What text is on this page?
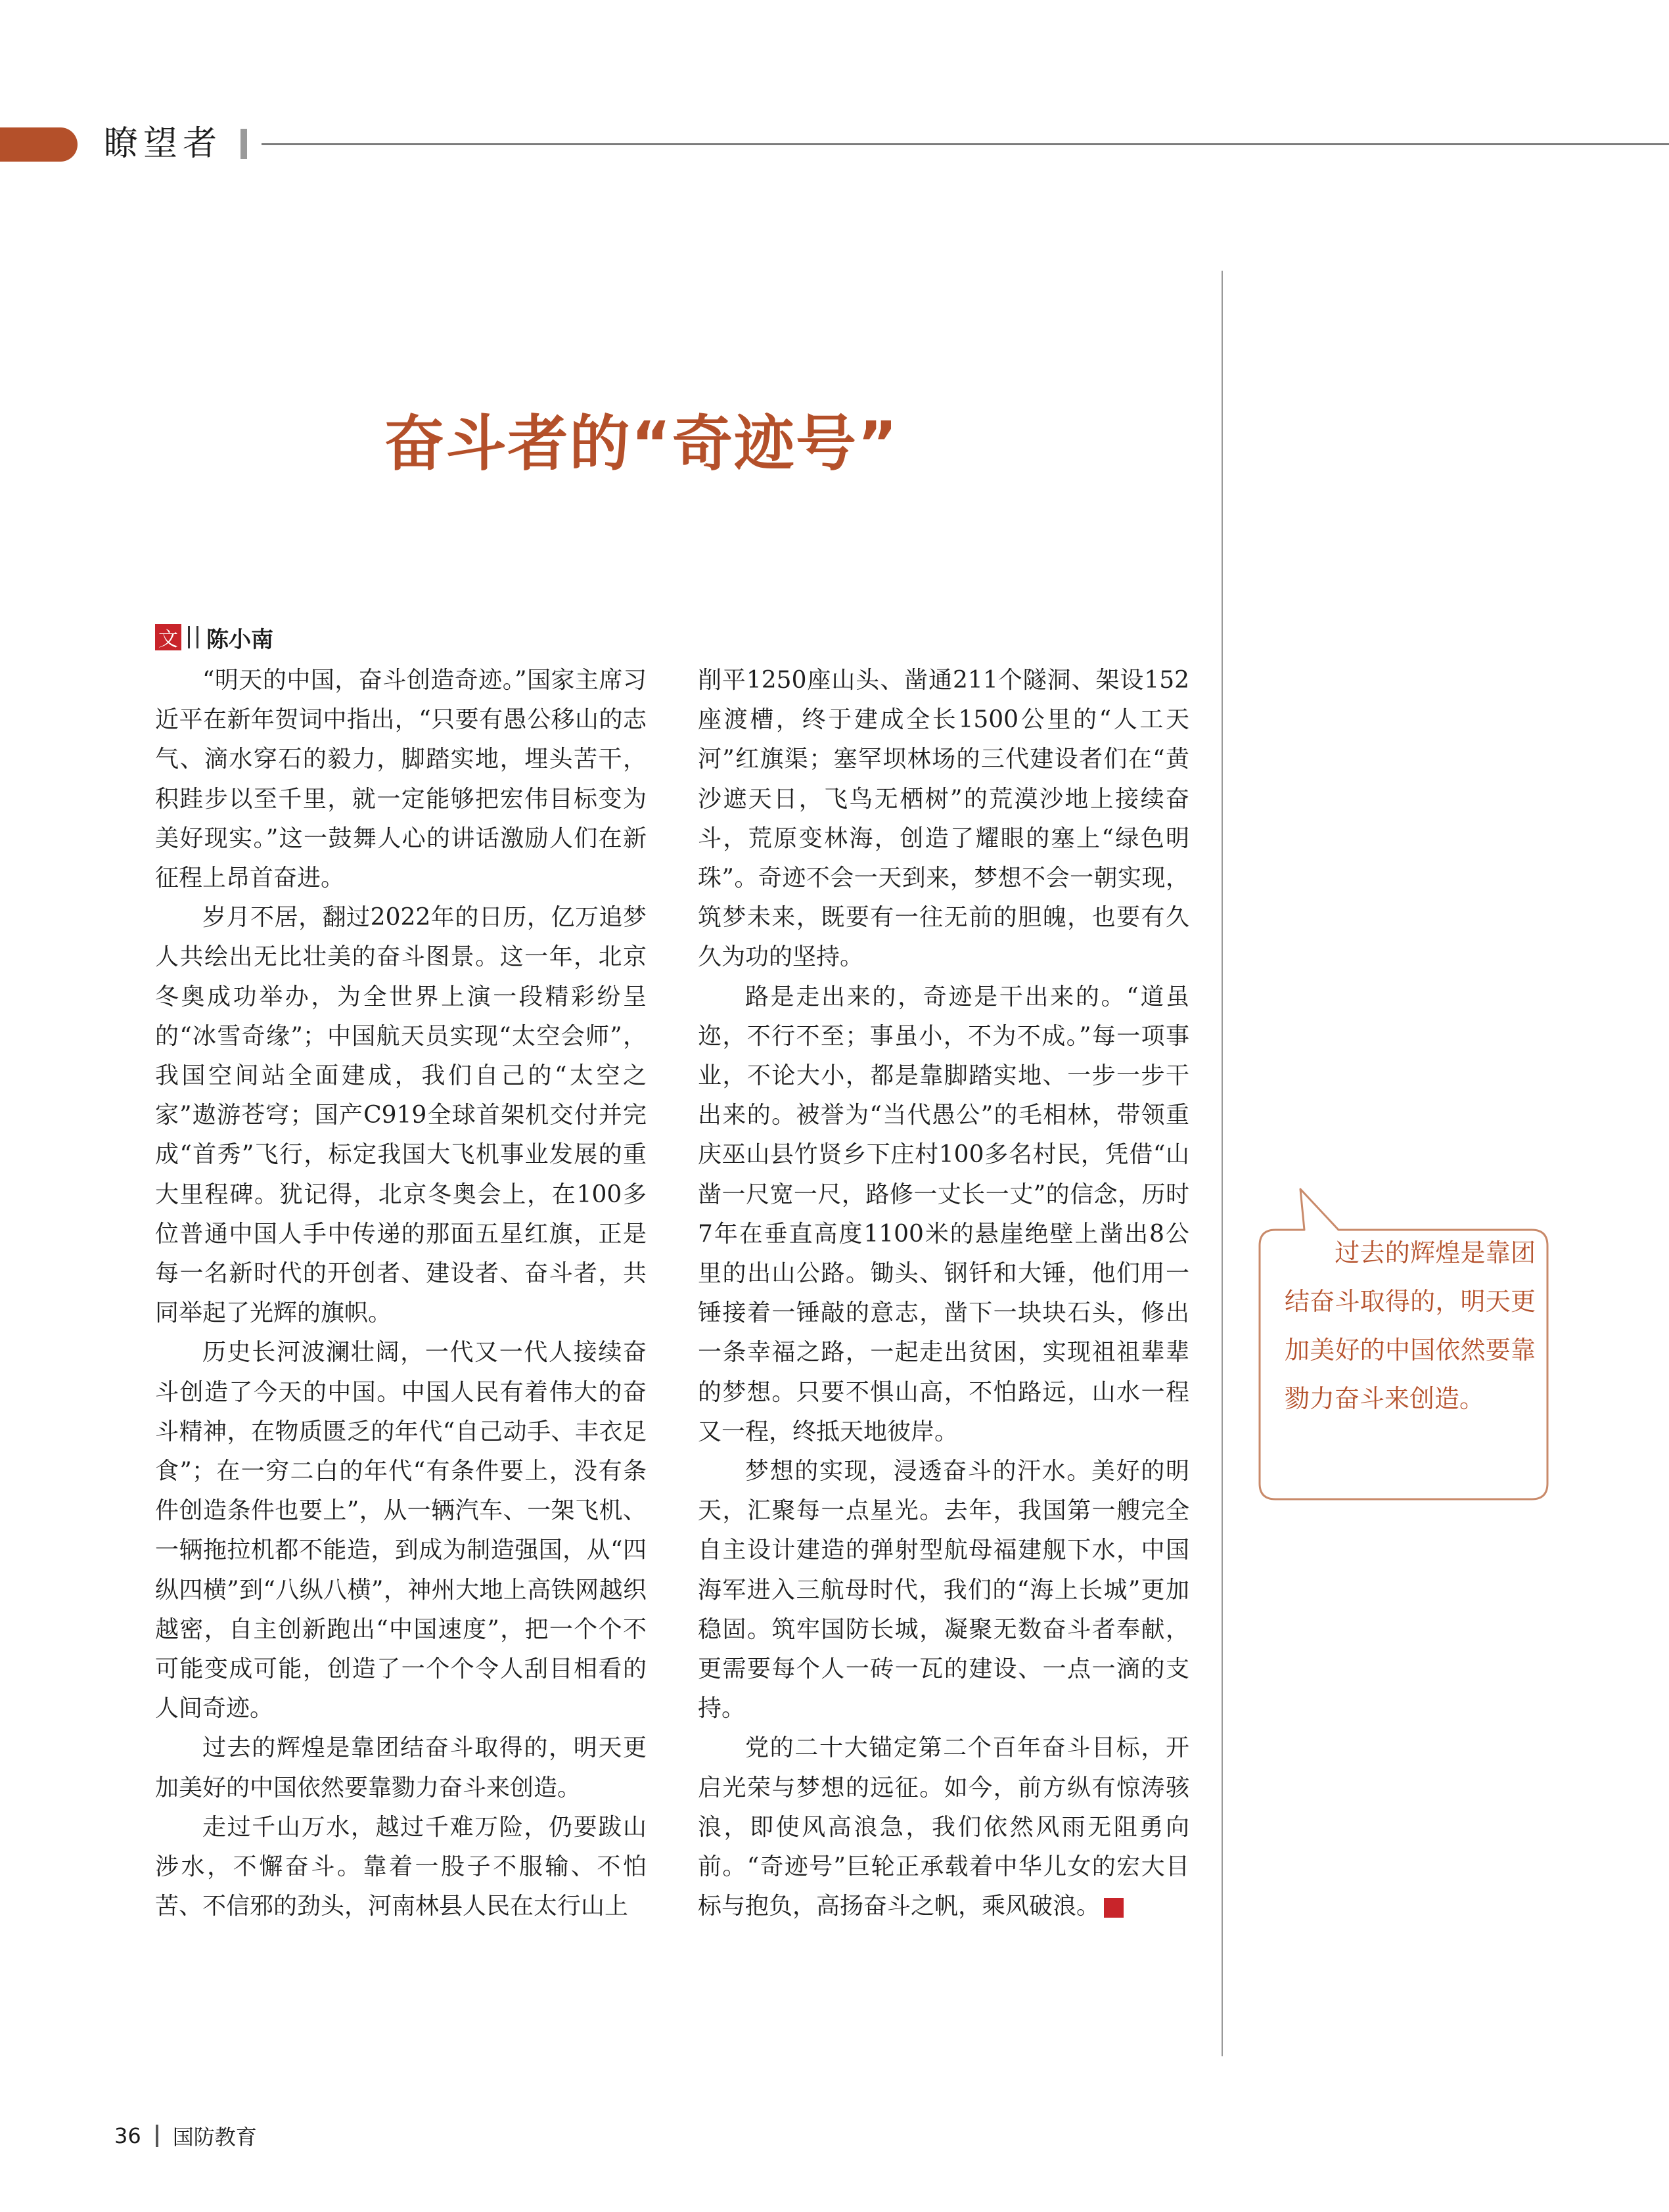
瞭望者
奋斗者的“奇迹号”
文 陈小南

“明天的中国，奋斗创造奇迹。”国家主席习近平在新年贺词中指出，“只要有愚公移山的志气、滴水穿石的毅力，脚踏实地，埋头苦干，积跬步以至千里，就一定能够把宏伟目标变为美好现实。”这一鼓舞人心的讲话激励人们在新征程上昂首奋进。

岁月不居，翻过2022年的日历，亿万追梦人共绘出无比壮美的奋斗图景。这一年，北京冬奥成功举办，为全世界上演一段精彩纷呈的“冰雪奇缘”；中国航天员实现“太空会师”，我国空间站全面建成，我们自己的“太空之家”遨游苍穹；国产C919全球首架机交付并完成“首秀”飞行，标定我国大飞机事业发展的重大里程碑。犹记得，北京冬奥会上，在100多位普通中国人手中传递的那面五星红旗，正是每一名新时代的开创者、建设者、奋斗者，共同举起了光辉的旗帜。

历史长河波澜壮阔，一代又一代人接续奋斗创造了今天的中国。中国人民有着伟大的奋斗精神，在物质匮乏的年代“自己动手、丰衣足食”；在一穷二白的年代“有条件要上，没有条件创造条件也要上”，从一辆汽车、一架飞机、一辆拖拉机都不能造，到成为制造强国，从“四纵四横”到“八纵八横”，神州大地上高铁网越织越密，自主创新跑出“中国速度”，把一个个不可能变成可能，创造了一个个令人刮目相看的人间奇迹。

过去的辉煌是靠团结奋斗取得的，明天更加美好的中国依然要靠勠力奋斗来创造。

走过千山万水，越过千难万险，仍要跋山涉水，不懈奋斗。靠着一股子不服输、不怕苦、不信邪的劲头，河南林县人民在太行山上

削平1250座山头、凿通211个隧洞、架设152座渡槽，终于建成全长1500公里的“人工天河”红旗渠；塞罕坝林场的三代建设者们在“黄沙遮天日，飞鸟无栖树”的荒漠沙地上接续奋斗，荒原变林海，创造了耀眼的塞上“绿色明珠”。奇迹不会一天到来，梦想不会一朝实现，筑梦未来，既要有一往无前的胆魄，也要有久久为功的坚持。

路是走出来的，奇迹是干出来的。“道虽迩，不行不至；事虽小，不为不成。”每一项事业，不论大小，都是靠脚踏实地、一步一步干出来的。被誉为“当代愚公”的毛相林，带领重庆巫山县竹贤乡下庄村100多名村民，凭借“山凿一尺宽一尺，路修一丈长一丈”的信念，历时7年在垂直高度1100米的悬崖绝壁上凿出8公里的出山公路。锄头、钢钎和大锤，他们用一锤接着一锤敲的意志，凿下一块块石头，修出一条幸福之路，一起走出贫困，实现祖祖辈辈的梦想。只要不惧山高，不怕路远，山水一程又一程，终抵天地彼岸。

梦想的实现，浸透奋斗的汗水。美好的明天，汇聚每一点星光。去年，我国第一艘完全自主设计建造的弹射型航母福建舰下水，中国海军进入三航母时代，我们的“海上长城”更加稳固。筑牢国防长城，凝聚无数奋斗者奉献，更需要每个人一砖一瓦的建设、一点一滴的支持。

党的二十大锚定第二个百年奋斗目标，开启光荣与梦想的远征。如今，前方纵有惊涛骇浪，即使风高浪急，我们依然风雨无阻勇向前。“奇迹号”巨轮正承载着中华儿女的宏大目标与抱负，高扬奋斗之帆，乘风破浪。	G

过去的辉煌是靠团结奋斗取得的，明天更加美好的中国依然要靠勠力奋斗来创造。
36 国防教育
